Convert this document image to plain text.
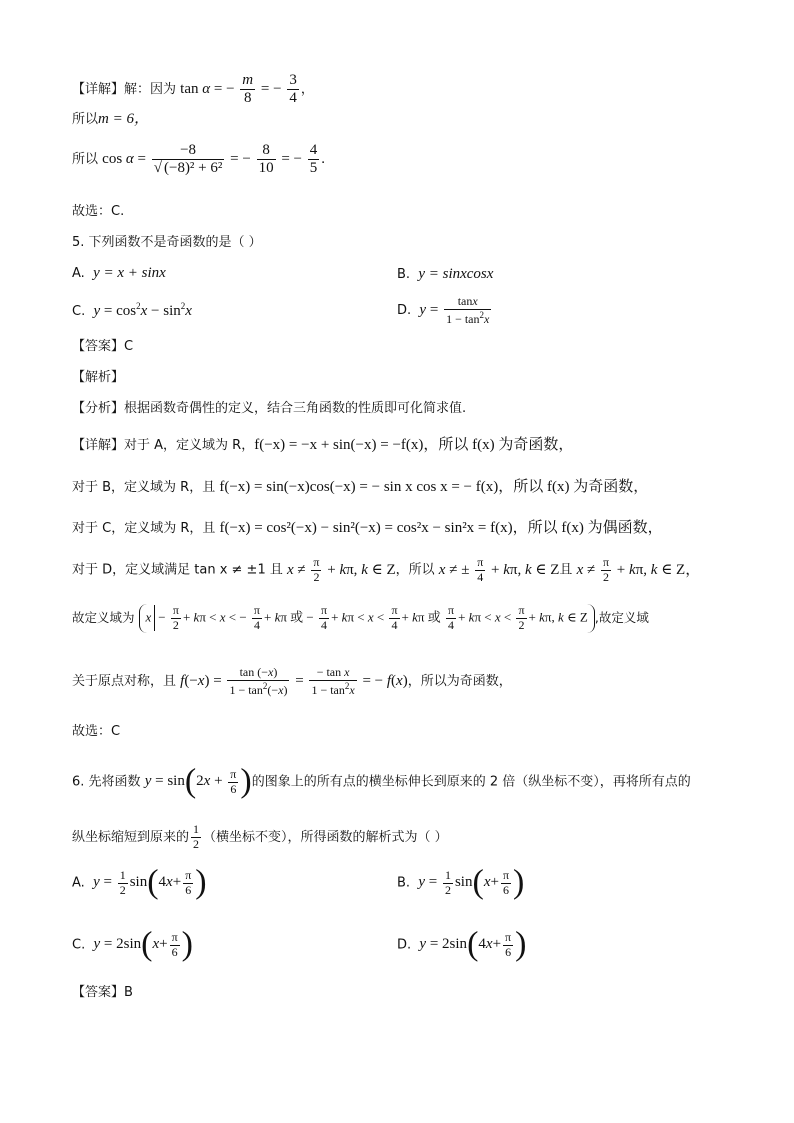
【详解】解：因为 tan α = − $\frac{m}{8}$ = − $\frac{3}{4}$ ，
所以m = 6，
所以 $\cos \alpha = \frac{-8}{\text{√ (−8)² + 6²}}$ = − $\frac{8}{10}$ = − $\frac{4}{5}$ .
故选：C.
5. 下列函数不是奇函数的是（ ）
A. y = x + sinx	B. y = sinxcosx
C. $y = \cos^2x - \sin^2x$	D. $y = \frac{\tan x}{1 - \tan^2x}$
【答案】C
【解析】
【分析】根据函数奇偶性的定义，结合三角函数的性质即可化简求值.
【详解】对于 A，定义域为 R，f(−x) = −x + sin(−x) = −f(x)，所以 f(x) 为奇函数，
对于 B，定义域为 R，且 f(−x) = sin(−x)cos(−x) = − sin x cos x = − f(x)，所以 f(x) 为奇函数，
对于 C，定义域为 R，且 f(−x) = cos²(−x) − sin²(−x) = cos²x − sin²x = f(x)，所以 f(x) 为偶函数，
对于 D，定义域满足 tan x ≠ ±1 且 $x \ne \frac{\pi}{2} + k\pi$, k ∈ Z，所以 x ≠ ± $\frac{\pi}{4} + k\pi$, k ∈ Z且 $x \ne \frac{\pi}{2} + k\pi$, k ∈ Z，
故定义域为 $x - \frac{\pi}{2} + k\pi < x$ < − $\frac{\pi}{4} + k\pi$ 或 − $\frac{\pi}{4} + k\pi < x < \frac{\pi}{4} + k\pi$ 或 $\frac{\pi}{4} + k\pi < x < \frac{\pi}{2} + k\pi$, k ∈ Z ,故定义域
关于原点对称，且 $f(-x) = \frac{\tan (-x)}{1 - \tan^2(-x)} = \frac{\text{− tan x}}{1 - \tan^2x}$ = − f(x)，所以为奇函数，
故选：C
6. 先将函数 $y = \sin(2x + \frac{\pi}{6}$ )的图象上的所有点的横坐标伸长到原来的 2 倍（纵坐标不变），再将所有点的
纵坐标缩短到原来的 $\frac{1}{2}$ （横坐标不变），所得函数的解析式为（ ）
A. $y = \frac{1}{2} \sin(4x+ \frac{\pi}{6}$ )	B. $y = \frac{1}{2} \sin(x+ \frac{\pi}{6}$ )
C. $y = 2\sin(x+ \frac{\pi}{6}$ )	D. $y = 2\sin(4x+ \frac{\pi}{6}$ )
【答案】B
